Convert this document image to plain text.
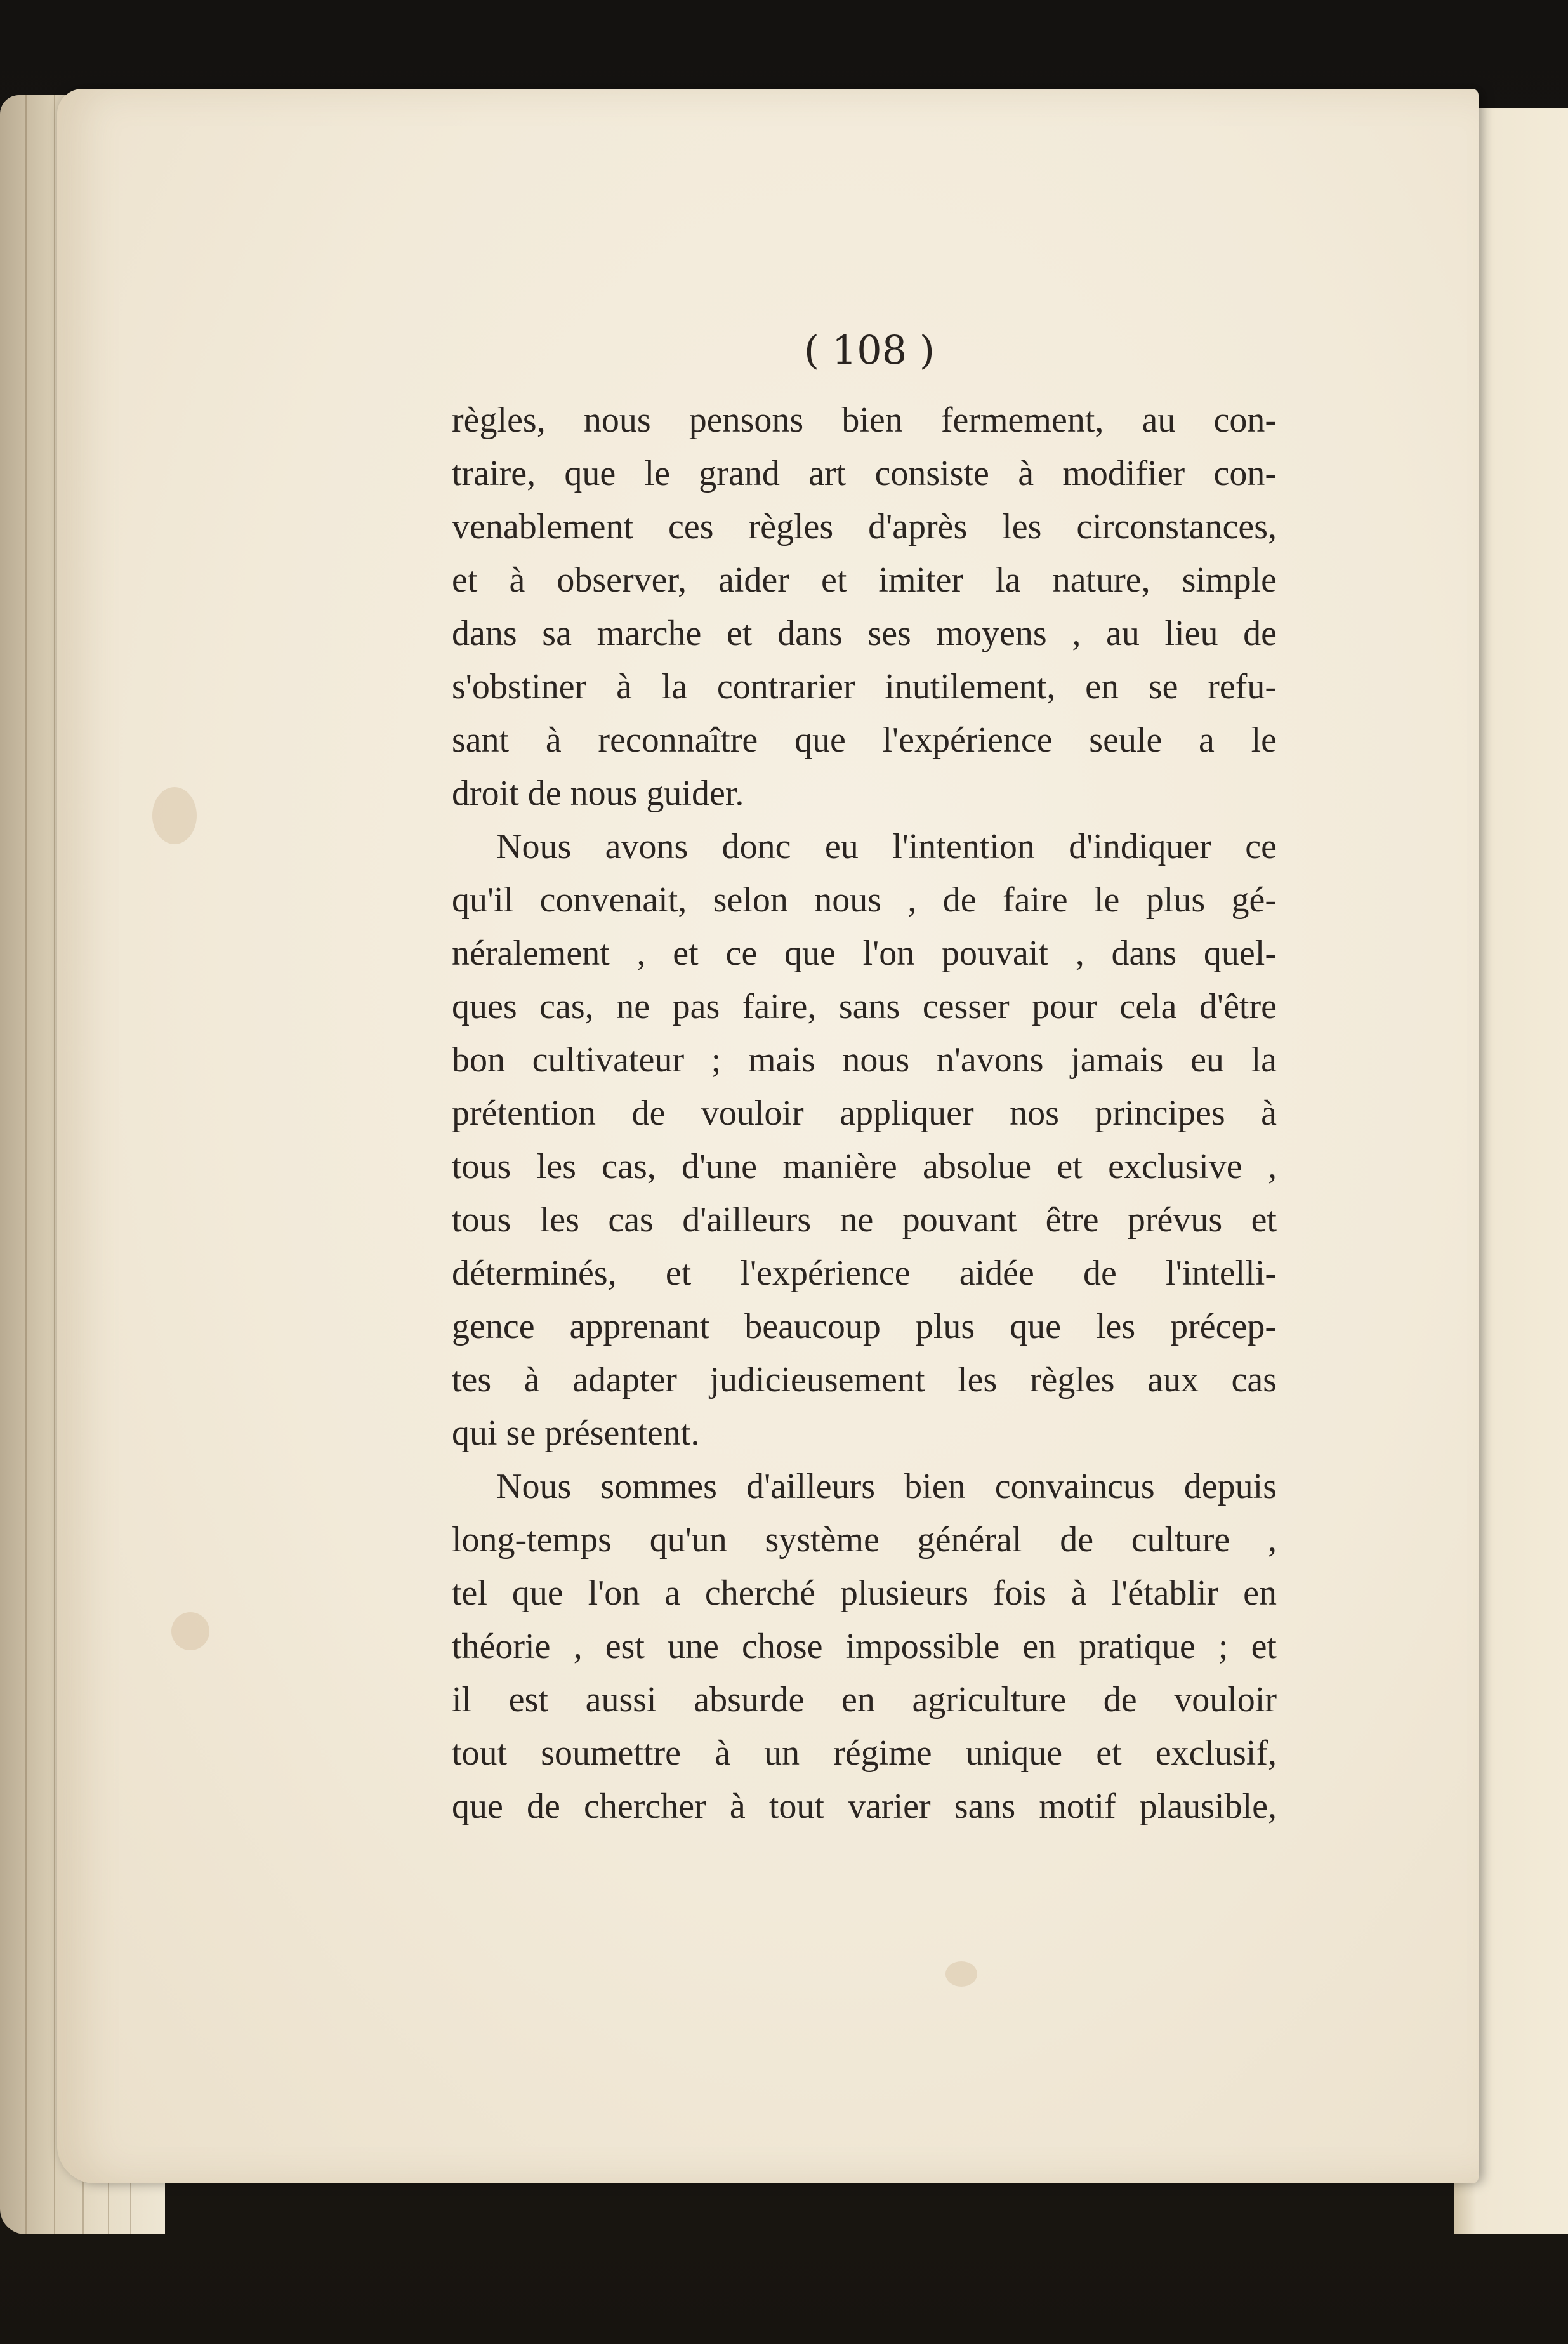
( 108 )

règles, nous pensons bien fermement, au con-
traire, que le grand art consiste à modifier con-
venablement ces règles d'après les circonstances,
et à observer, aider et imiter la nature, simple
dans sa marche et dans ses moyens , au lieu de
s'obstiner à la contrarier inutilement, en se refu-
sant à reconnaître que l'expérience seule a le
droit de nous guider.
Nous avons donc eu l'intention d'indiquer ce
qu'il convenait, selon nous , de faire le plus gé-
néralement , et ce que l'on pouvait , dans quel-
ques cas, ne pas faire, sans cesser pour cela d'être
bon cultivateur ; mais nous n'avons jamais eu la
prétention de vouloir appliquer nos principes à
tous les cas, d'une manière absolue et exclusive ,
tous les cas d'ailleurs ne pouvant être prévus et
déterminés, et l'expérience aidée de l'intelli-
gence apprenant beaucoup plus que les précep-
tes à adapter judicieusement les règles aux cas
qui se présentent.
Nous sommes d'ailleurs bien convaincus depuis
long-temps qu'un système général de culture ,
tel que l'on a cherché plusieurs fois à l'établir en
théorie , est une chose impossible en pratique ; et
il est aussi absurde en agriculture de vouloir
tout soumettre à un régime unique et exclusif,
que de chercher à tout varier sans motif plausible,
